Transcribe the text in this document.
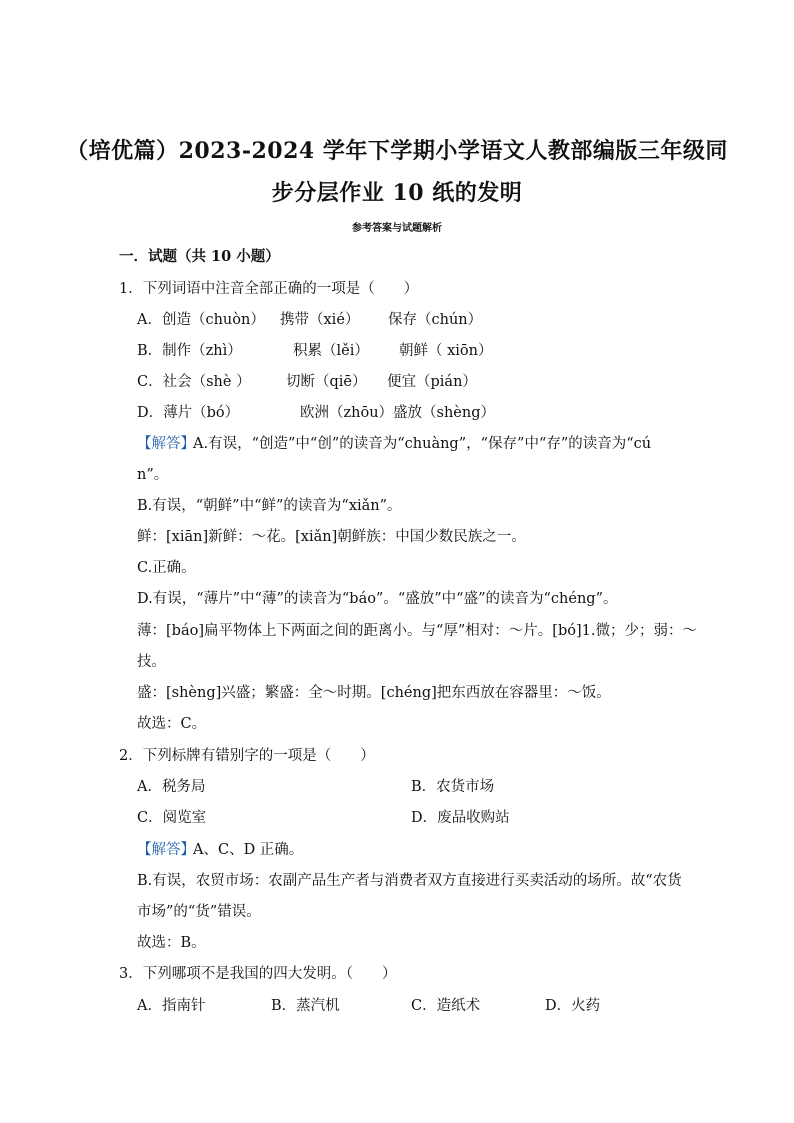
（培优篇）2023-2024 学年下学期小学语文人教部编版三年级同
步分层作业 10 纸的发明
参考答案与试题解析
一．试题（共 10 小题）
1．下列词语中注音全部正确的一项是（　　）
A．创造（chuòn） 携带（xié） 保存（chún）
B．制作（zhì）	积累（lěi） 朝鲜（ xiōn）
C．社会（shè ） 切断（qiē） 便宜（pián）
D．薄片（bó）	欧洲（zhōu） 盛放（shèng）
【解答】
A.有误，“创造”中“创”的读音为“chuàng”，“保存”中“存”的读音为“cú
n”。
B.有误，“朝鲜”中“鲜”的读音为“xiǎn”。
鲜：[xiān]新鲜：～花。[xiǎn]朝鲜族：中国少数民族之一。
C.正确。
D.有误，“薄片”中“薄”的读音为“báo”。“盛放”中“盛”的读音为“chéng”。
薄：[báo]扁平物体上下两面之间的距离小。与“厚”相对：～片。[bó]1.微；少；弱：～
技。
盛：[shèng]兴盛；繁盛：全～时期。[chéng]把东西放在容器里：～饭。
故选：C。
2．下列标牌有错别字的一项是（　　）
A．税务局	B．农货市场
C．阅览室	D．废品收购站
【解答】
A、C、D 正确。
B.有误，农贸市场：农副产品生产者与消费者双方直接进行买卖活动的场所。故“农货
市场”的“货”错误。
故选：B。
3．下列哪项不是我国的四大发明。（　　）
A．指南针	B．蒸汽机	C．造纸术	D．火药
